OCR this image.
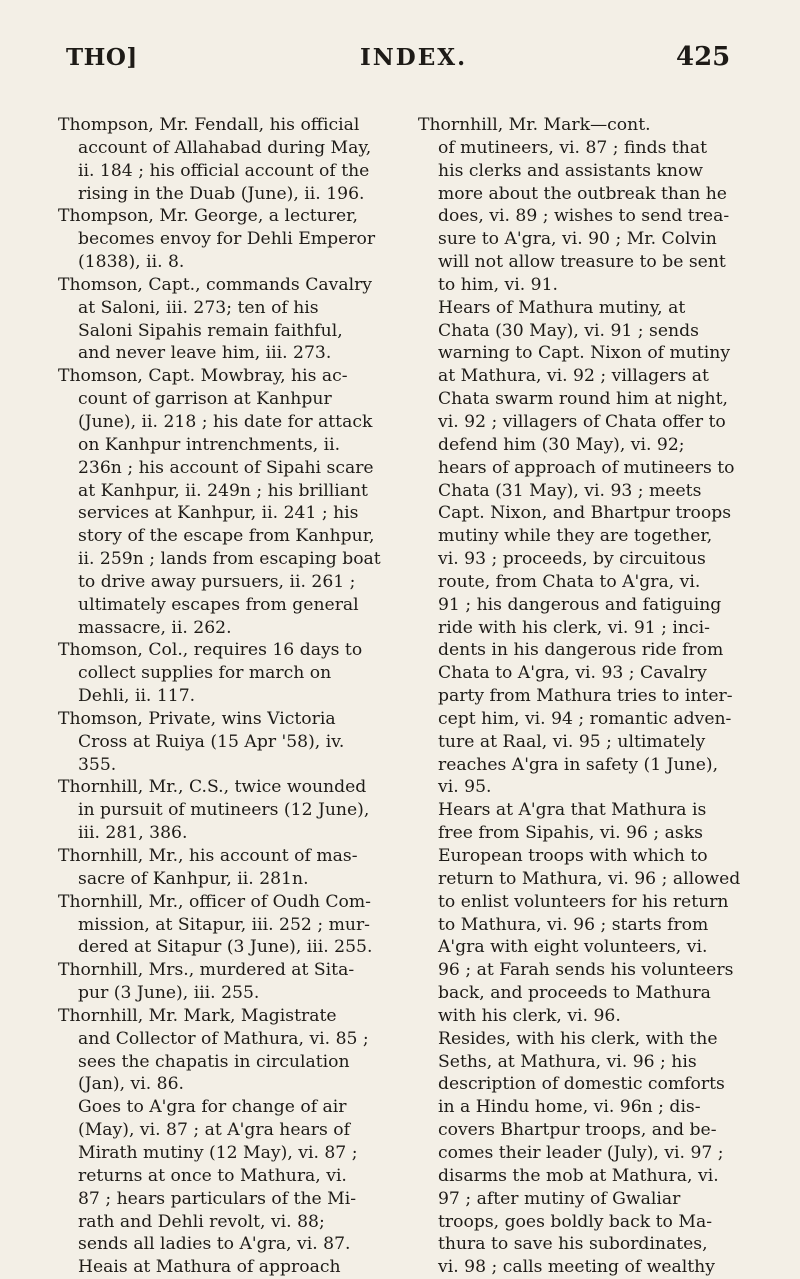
THO]	INDEX.	425
Thompson, Mr. Fendall, his official
account of Allahabad during May,
ii. 184 ; his official account of the
rising in the Duab (June), ii. 196.
Thompson, Mr. George, a lecturer,
becomes envoy for Dehli Emperor
(1838), ii. 8.
Thomson, Capt., commands Cavalry
at Saloni, iii. 273; ten of his
Saloni Sipahis remain faithful,
and never leave him, iii. 273.
Thomson, Capt. Mowbray, his ac-
count of garrison at Kanhpur
(June), ii. 218 ; his date for attack
on Kanhpur intrenchments, ii.
236n ; his account of Sipahi scare
at Kanhpur, ii. 249n ; his brilliant
services at Kanhpur, ii. 241 ; his
story of the escape from Kanhpur,
ii. 259n ; lands from escaping boat
to drive away pursuers, ii. 261 ;
ultimately escapes from general
massacre, ii. 262.
Thomson, Col., requires 16 days to
collect supplies for march on
Dehli, ii. 117.
Thomson, Private, wins Victoria
Cross at Ruiya (15 Apr '58), iv.
355.
Thornhill, Mr., C.S., twice wounded
in pursuit of mutineers (12 June),
iii. 281, 386.
Thornhill, Mr., his account of mas-
sacre of Kanhpur, ii. 281n.
Thornhill, Mr., officer of Oudh Com-
mission, at Sitapur, iii. 252 ; mur-
dered at Sitapur (3 June), iii. 255.
Thornhill, Mrs., murdered at Sita-
pur (3 June), iii. 255.
Thornhill, Mr. Mark, Magistrate
and Collector of Mathura, vi. 85 ;
sees the chapatis in circulation
(Jan), vi. 86.
Goes to A'gra for change of air
(May), vi. 87 ; at A'gra hears of
Mirath mutiny (12 May), vi. 87 ;
returns at once to Mathura, vi.
87 ; hears particulars of the Mi-
rath and Dehli revolt, vi. 88;
sends all ladies to A'gra, vi. 87.
Heais at Mathura of approach
Thornhill, Mr. Mark—cont.
of mutineers, vi. 87 ; finds that
his clerks and assistants know
more about the outbreak than he
does, vi. 89 ; wishes to send trea-
sure to A'gra, vi. 90 ; Mr. Colvin
will not allow treasure to be sent
to him, vi. 91.
Hears of Mathura mutiny, at
Chata (30 May), vi. 91 ; sends
warning to Capt. Nixon of mutiny
at Mathura, vi. 92 ; villagers at
Chata swarm round him at night,
vi. 92 ; villagers of Chata offer to
defend him (30 May), vi. 92;
hears of approach of mutineers to
Chata (31 May), vi. 93 ; meets
Capt. Nixon, and Bhartpur troops
mutiny while they are together,
vi. 93 ; proceeds, by circuitous
route, from Chata to A'gra, vi.
91 ; his dangerous and fatiguing
ride with his clerk, vi. 91 ; inci-
dents in his dangerous ride from
Chata to A'gra, vi. 93 ; Cavalry
party from Mathura tries to inter-
cept him, vi. 94 ; romantic adven-
ture at Raal, vi. 95 ; ultimately
reaches A'gra in safety (1 June),
vi. 95.
Hears at A'gra that Mathura is
free from Sipahis, vi. 96 ; asks
European troops with which to
return to Mathura, vi. 96 ; allowed
to enlist volunteers for his return
to Mathura, vi. 96 ; starts from
A'gra with eight volunteers, vi.
96 ; at Farah sends his volunteers
back, and proceeds to Mathura
with his clerk, vi. 96.
Resides, with his clerk, with the
Seths, at Mathura, vi. 96 ; his
description of domestic comforts
in a Hindu home, vi. 96n ; dis-
covers Bhartpur troops, and be-
comes their leader (July), vi. 97 ;
disarms the mob at Mathura, vi.
97 ; after mutiny of Gwaliar
troops, goes boldly back to Ma-
thura to save his subordinates,
vi. 98 ; calls meeting of wealthy
